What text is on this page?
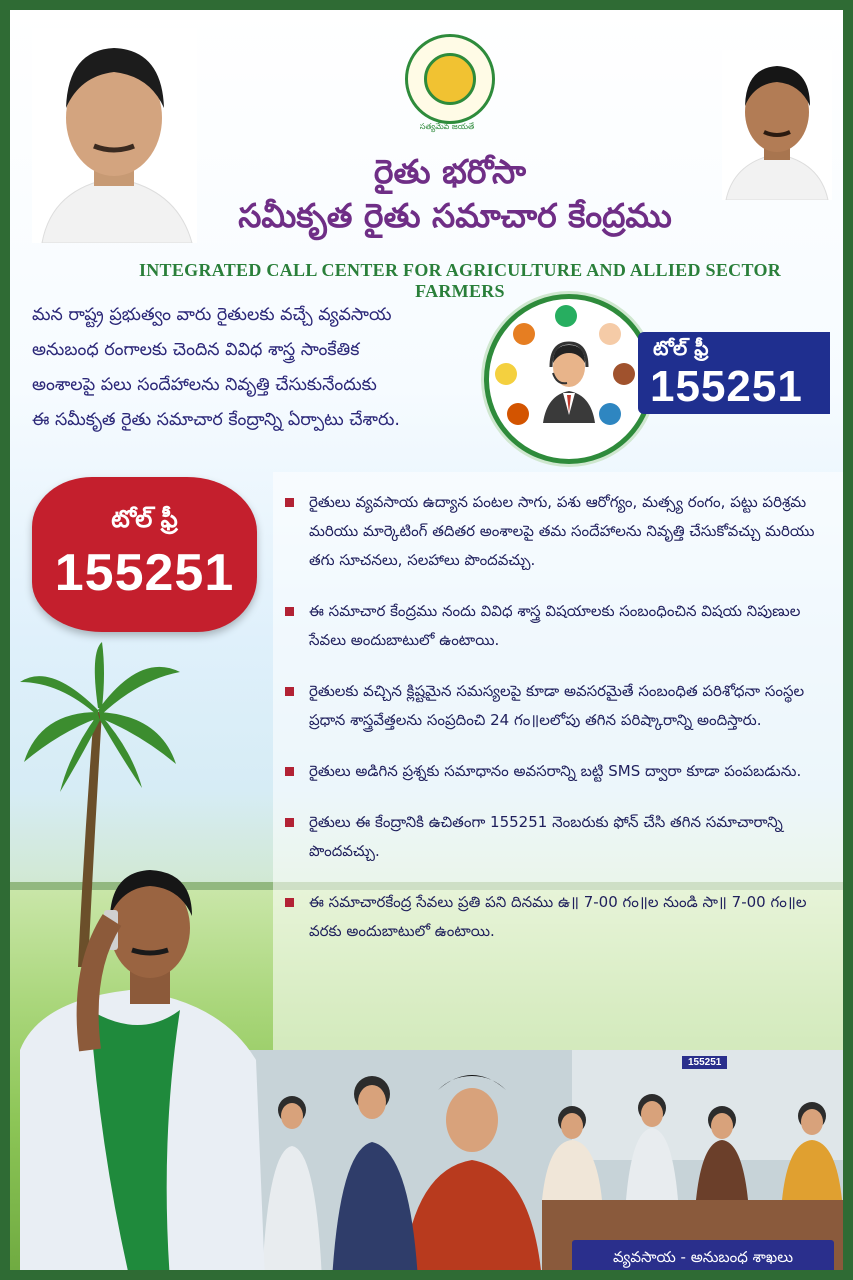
సత్యమేవ జయతే
రైతు భరోసా
సమీకృత రైతు సమాచార కేంద్రము
INTEGRATED CALL CENTER FOR AGRICULTURE AND ALLIED SECTOR FARMERS
మన రాష్ట్ర ప్రభుత్వం వారు రైతులకు వచ్చే వ్యవసాయ
అనుబంధ రంగాలకు చెందిన వివిధ శాస్త్ర సాంకేతిక
అంశాలపై పలు సందేహాలను నివృత్తి చేసుకునేందుకు
ఈ సమీకృత రైతు సమాచార కేంద్రాన్ని ఏర్పాటు చేశారు.
టోల్ ఫ్రీ
155251
టోల్ ఫ్రీ
155251
రైతులు వ్యవసాయ ఉద్యాన పంటల సాగు, పశు ఆరోగ్యం, మత్స్య రంగం, పట్టు పరిశ్రమ మరియు మార్కెటింగ్ తదితర అంశాలపై తమ సందేహాలను నివృత్తి చేసుకోవచ్చు మరియు తగు సూచనలు, సలహాలు పొందవచ్చు.
ఈ సమాచార కేంద్రము నందు వివిధ శాస్త్ర విషయాలకు సంబంధించిన విషయ నిపుణుల సేవలు అందుబాటులో ఉంటాయి.
రైతులకు వచ్చిన క్లిష్టమైన సమస్యలపై కూడా అవసరమైతే సంబంధిత పరిశోధనా సంస్థల ప్రధాన శాస్త్రవేత్తలను సంప్రదించి 24 గం॥లలోపు తగిన పరిష్కారాన్ని అందిస్తారు.
రైతులు అడిగిన ప్రశ్నకు సమాధానం అవసరాన్ని బట్టి SMS ద్వారా కూడా పంపబడును.
రైతులు ఈ కేంద్రానికి ఉచితంగా 155251 నెంబరుకు ఫోన్ చేసి తగిన సమాచారాన్ని పొందవచ్చు.
ఈ సమాచారకేంద్ర సేవలు ప్రతి పని దినము ఉ॥ 7-00 గం॥ల నుండి సా॥ 7-00 గం॥ల వరకు అందుబాటులో ఉంటాయి.
155251
వ్యవసాయ - అనుబంధ శాఖలు
